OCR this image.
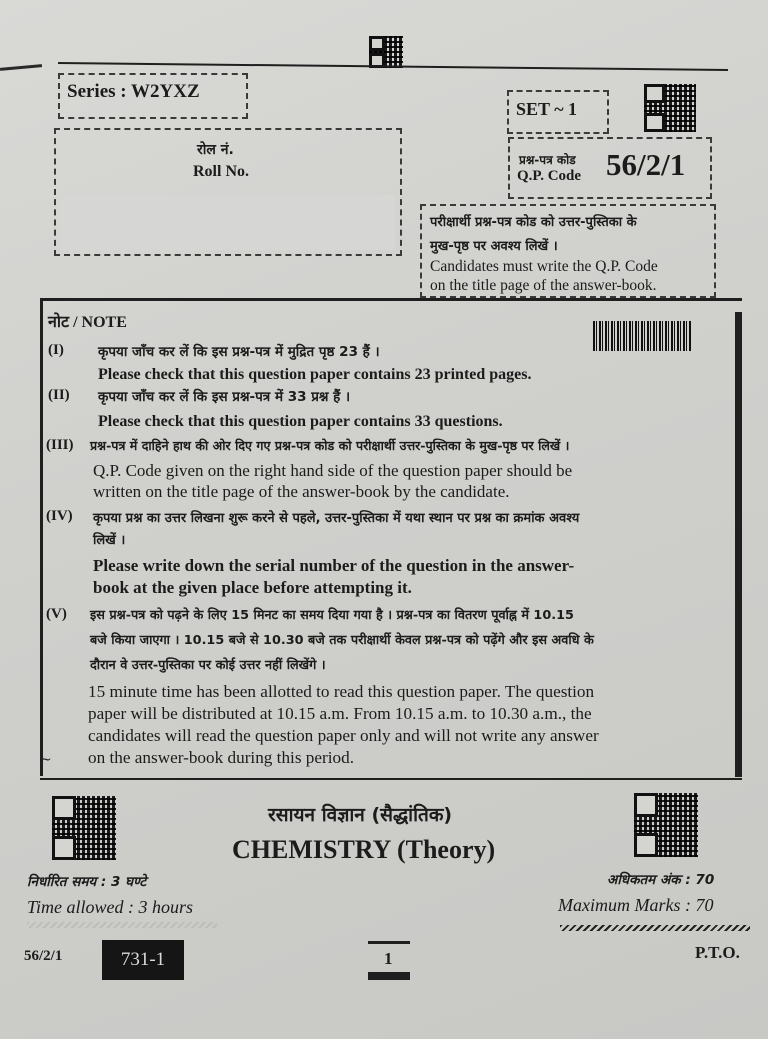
Series : W2YXZ
रोल नं.
Roll No.
SET ~ 1
प्रश्न-पत्र कोड
Q.P. Code 56/2/1
परीक्षार्थी प्रश्न-पत्र कोड को उत्तर-पुस्तिका के
मुख-पृष्ठ पर अवश्य लिखें ।
Candidates must write the Q.P. Code
on the title page of the answer-book.
नोट / NOTE
(I)	कृपया जाँच कर लें कि इस प्रश्न-पत्र में मुद्रित पृष्ठ 23 हैं ।
Please check that this question paper contains 23 printed pages.
(II) कृपया जाँच कर लें कि इस प्रश्न-पत्र में 33 प्रश्न हैं ।
Please check that this question paper contains 33 questions.
(III) प्रश्न-पत्र में दाहिने हाथ की ओर दिए गए प्रश्न-पत्र कोड को परीक्षार्थी उत्तर-पुस्तिका के मुख-पृष्ठ पर लिखें ।
Q.P. Code given on the right hand side of the question paper should be
written on the title page of the answer-book by the candidate.
(IV) कृपया प्रश्न का उत्तर लिखना शुरू करने से पहले, उत्तर-पुस्तिका में यथा स्थान पर प्रश्न का क्रमांक अवश्य
लिखें ।
Please write down the serial number of the question in the answer-
book at the given place before attempting it.
(V) इस प्रश्न-पत्र को पढ़ने के लिए 15 मिनट का समय दिया गया है । प्रश्न-पत्र का वितरण पूर्वाह्न में 10.15
बजे किया जाएगा । 10.15 बजे से 10.30 बजे तक परीक्षार्थी केवल प्रश्न-पत्र को पढ़ेंगे और इस अवधि के
दौरान वे उत्तर-पुस्तिका पर कोई उत्तर नहीं लिखेंगे ।
15 minute time has been allotted to read this question paper. The question
paper will be distributed at 10.15 a.m. From 10.15 a.m. to 10.30 a.m., the
candidates will read the question paper only and will not write any answer
on the answer-book during this period.
~
रसायन विज्ञान (सैद्धांतिक)
CHEMISTRY (Theory)
निर्धारित समय : 3 घण्टे
Time allowed : 3 hours
अधिकतम अंक : 70
Maximum Marks : 70
56/2/1	731-1	1	P.T.O.
